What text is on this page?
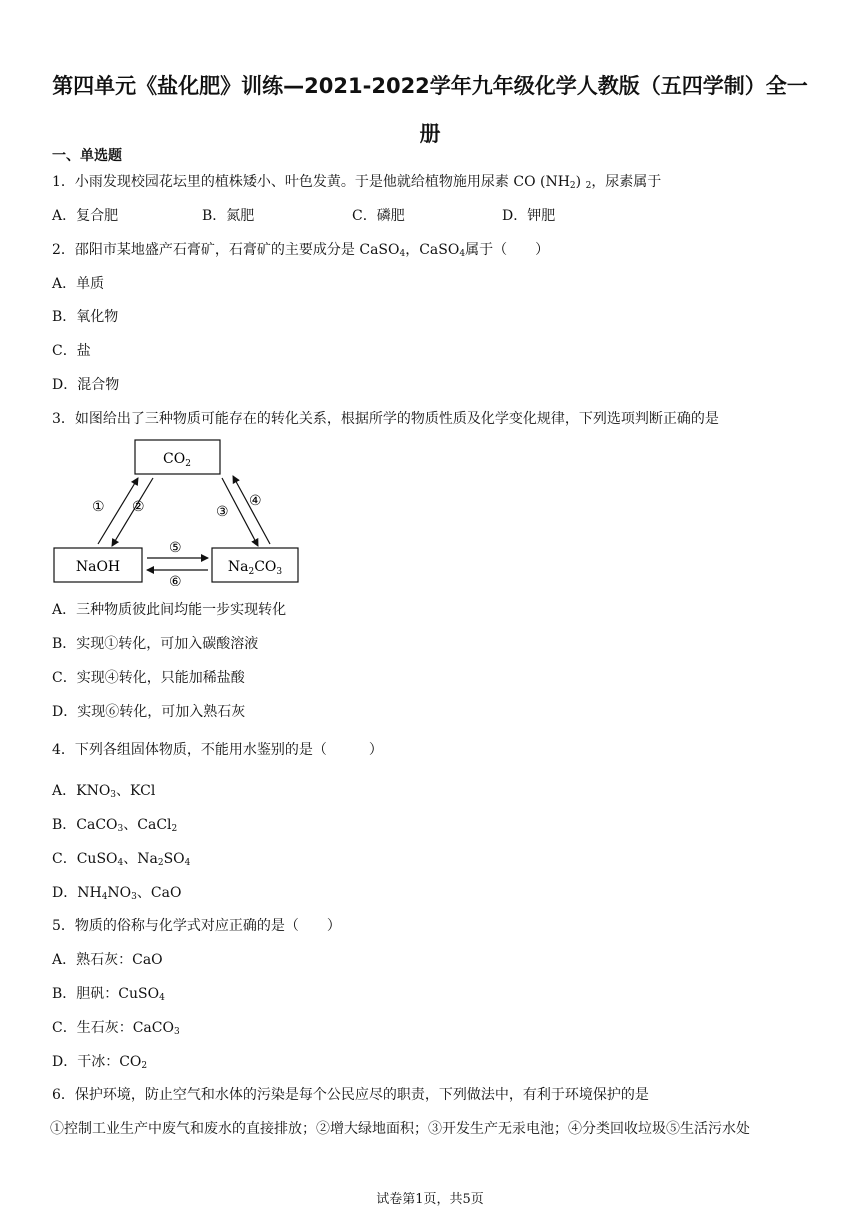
第四单元《盐化肥》训练—2021-2022学年九年级化学人教版（五四学制）全一
册
一、单选题
1．小雨发现校园花坛里的植株矮小、叶色发黄。于是他就给植物施用尿素 CO $(NH_2)$ $_2$，尿素属于
A．复合肥	B．氮肥	C．磷肥	D．钾肥
2．邵阳市某地盛产石膏矿，石膏矿的主要成分是 CaSO$_4$，CaSO$_4$属于（　　）
A．单质
B．氧化物
C．盐
D．混合物
3．如图给出了三种物质可能存在的转化关系，根据所学的物质性质及化学变化规律，下列选项判断正确的是
$CO_2$
NaOH	$Na_2CO_3$
① ②	③
④
⑤
⑥
A．三种物质彼此间均能一步实现转化
B．实现①转化，可加入碳酸溶液
C．实现④转化，只能加稀盐酸
D．实现⑥转化，可加入熟石灰
4．下列各组固体物质，不能用水鉴别的是（　　　）
A．$KNO_3$、KCl
B．CaCO$_3$、CaCl$_2$
C．CuSO$_4$、$Na_2SO_4$
D．$NH_4NO_3$、CaO
5．物质的俗称与化学式对应正确的是（　　）
A．熟石灰：CaO
B．胆矾：CuSO$_4$
C．生石灰：CaCO$_3$
D．干冰：$CO_2$
6．保护环境，防止空气和水体的污染是每个公民应尽的职责，下列做法中，有利于环境保护的是
①控制工业生产中废气和废水的直接排放；②增大绿地面积；③开发生产无汞电池；④分类回收垃圾⑤生活污水处
试卷第1页，共5页
